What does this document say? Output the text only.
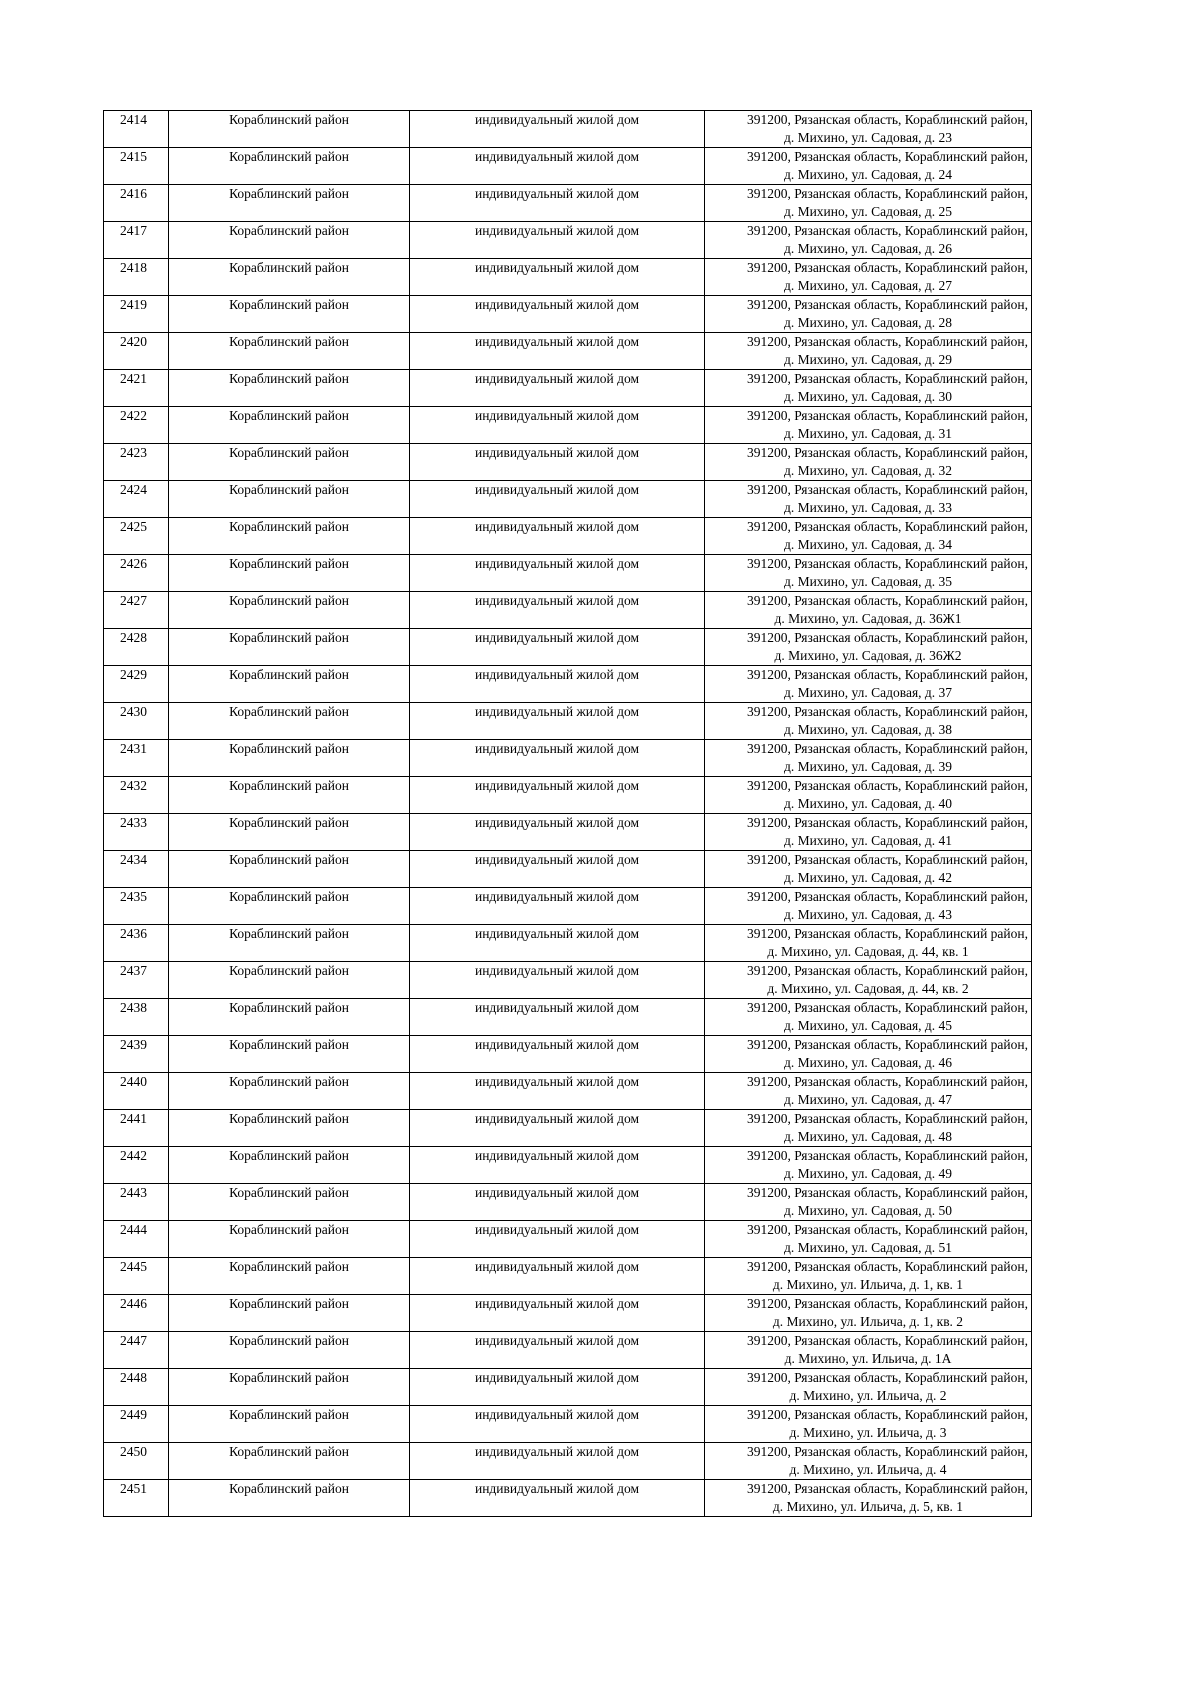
2414	Кораблинский район	индивидуальный жилой дом	391200, Рязанская область, Кораблинский район,
д. Михино, ул. Садовая, д. 23

2415	Кораблинский район	индивидуальный жилой дом	391200, Рязанская область, Кораблинский район,
д. Михино, ул. Садовая, д. 24

2416	Кораблинский район	индивидуальный жилой дом	391200, Рязанская область, Кораблинский район,
д. Михино, ул. Садовая, д. 25

2417	Кораблинский район	индивидуальный жилой дом	391200, Рязанская область, Кораблинский район,
д. Михино, ул. Садовая, д. 26

2418	Кораблинский район	индивидуальный жилой дом	391200, Рязанская область, Кораблинский район,
д. Михино, ул. Садовая, д. 27

2419	Кораблинский район	индивидуальный жилой дом	391200, Рязанская область, Кораблинский район,
д. Михино, ул. Садовая, д. 28

2420	Кораблинский район	индивидуальный жилой дом	391200, Рязанская область, Кораблинский район,
д. Михино, ул. Садовая, д. 29

2421	Кораблинский район	индивидуальный жилой дом	391200, Рязанская область, Кораблинский район,
д. Михино, ул. Садовая, д. 30

2422	Кораблинский район	индивидуальный жилой дом	391200, Рязанская область, Кораблинский район,
д. Михино, ул. Садовая, д. 31

2423	Кораблинский район	индивидуальный жилой дом	391200, Рязанская область, Кораблинский район,
д. Михино, ул. Садовая, д. 32

2424	Кораблинский район	индивидуальный жилой дом	391200, Рязанская область, Кораблинский район,
д. Михино, ул. Садовая, д. 33

2425	Кораблинский район	индивидуальный жилой дом	391200, Рязанская область, Кораблинский район,
д. Михино, ул. Садовая, д. 34

2426	Кораблинский район	индивидуальный жилой дом	391200, Рязанская область, Кораблинский район,
д. Михино, ул. Садовая, д. 35

2427	Кораблинский район	индивидуальный жилой дом	391200, Рязанская область, Кораблинский район,
д. Михино, ул. Садовая, д. 36Ж1

2428	Кораблинский район	индивидуальный жилой дом	391200, Рязанская область, Кораблинский район,
д. Михино, ул. Садовая, д. 36Ж2

2429	Кораблинский район	индивидуальный жилой дом	391200, Рязанская область, Кораблинский район,
д. Михино, ул. Садовая, д. 37

2430	Кораблинский район	индивидуальный жилой дом	391200, Рязанская область, Кораблинский район,
д. Михино, ул. Садовая, д. 38

2431	Кораблинский район	индивидуальный жилой дом	391200, Рязанская область, Кораблинский район,
д. Михино, ул. Садовая, д. 39

2432	Кораблинский район	индивидуальный жилой дом	391200, Рязанская область, Кораблинский район,
д. Михино, ул. Садовая, д. 40

2433	Кораблинский район	индивидуальный жилой дом	391200, Рязанская область, Кораблинский район,
д. Михино, ул. Садовая, д. 41

2434	Кораблинский район	индивидуальный жилой дом	391200, Рязанская область, Кораблинский район,
д. Михино, ул. Садовая, д. 42

2435	Кораблинский район	индивидуальный жилой дом	391200, Рязанская область, Кораблинский район,
д. Михино, ул. Садовая, д. 43

2436	Кораблинский район	индивидуальный жилой дом	391200, Рязанская область, Кораблинский район,
д. Михино, ул. Садовая, д. 44, кв. 1

2437	Кораблинский район	индивидуальный жилой дом	391200, Рязанская область, Кораблинский район,
д. Михино, ул. Садовая, д. 44, кв. 2

2438	Кораблинский район	индивидуальный жилой дом	391200, Рязанская область, Кораблинский район,
д. Михино, ул. Садовая, д. 45

2439	Кораблинский район	индивидуальный жилой дом	391200, Рязанская область, Кораблинский район,
д. Михино, ул. Садовая, д. 46

2440	Кораблинский район	индивидуальный жилой дом	391200, Рязанская область, Кораблинский район,
д. Михино, ул. Садовая, д. 47

2441	Кораблинский район	индивидуальный жилой дом	391200, Рязанская область, Кораблинский район,
д. Михино, ул. Садовая, д. 48

2442	Кораблинский район	индивидуальный жилой дом	391200, Рязанская область, Кораблинский район,
д. Михино, ул. Садовая, д. 49

2443	Кораблинский район	индивидуальный жилой дом	391200, Рязанская область, Кораблинский район,
д. Михино, ул. Садовая, д. 50

2444	Кораблинский район	индивидуальный жилой дом	391200, Рязанская область, Кораблинский район,
д. Михино, ул. Садовая, д. 51

2445	Кораблинский район	индивидуальный жилой дом	391200, Рязанская область, Кораблинский район,
д. Михино, ул. Ильича, д. 1, кв. 1

2446	Кораблинский район	индивидуальный жилой дом	391200, Рязанская область, Кораблинский район,
д. Михино, ул. Ильича, д. 1, кв. 2

2447	Кораблинский район	индивидуальный жилой дом	391200, Рязанская область, Кораблинский район,
д. Михино, ул. Ильича, д. 1А

2448	Кораблинский район	индивидуальный жилой дом	391200, Рязанская область, Кораблинский район,
д. Михино, ул. Ильича, д. 2

2449	Кораблинский район	индивидуальный жилой дом	391200, Рязанская область, Кораблинский район,
д. Михино, ул. Ильича, д. 3

2450	Кораблинский район	индивидуальный жилой дом	391200, Рязанская область, Кораблинский район,
д. Михино, ул. Ильича, д. 4

2451	Кораблинский район	индивидуальный жилой дом	391200, Рязанская область, Кораблинский район,
д. Михино, ул. Ильича, д. 5, кв. 1
